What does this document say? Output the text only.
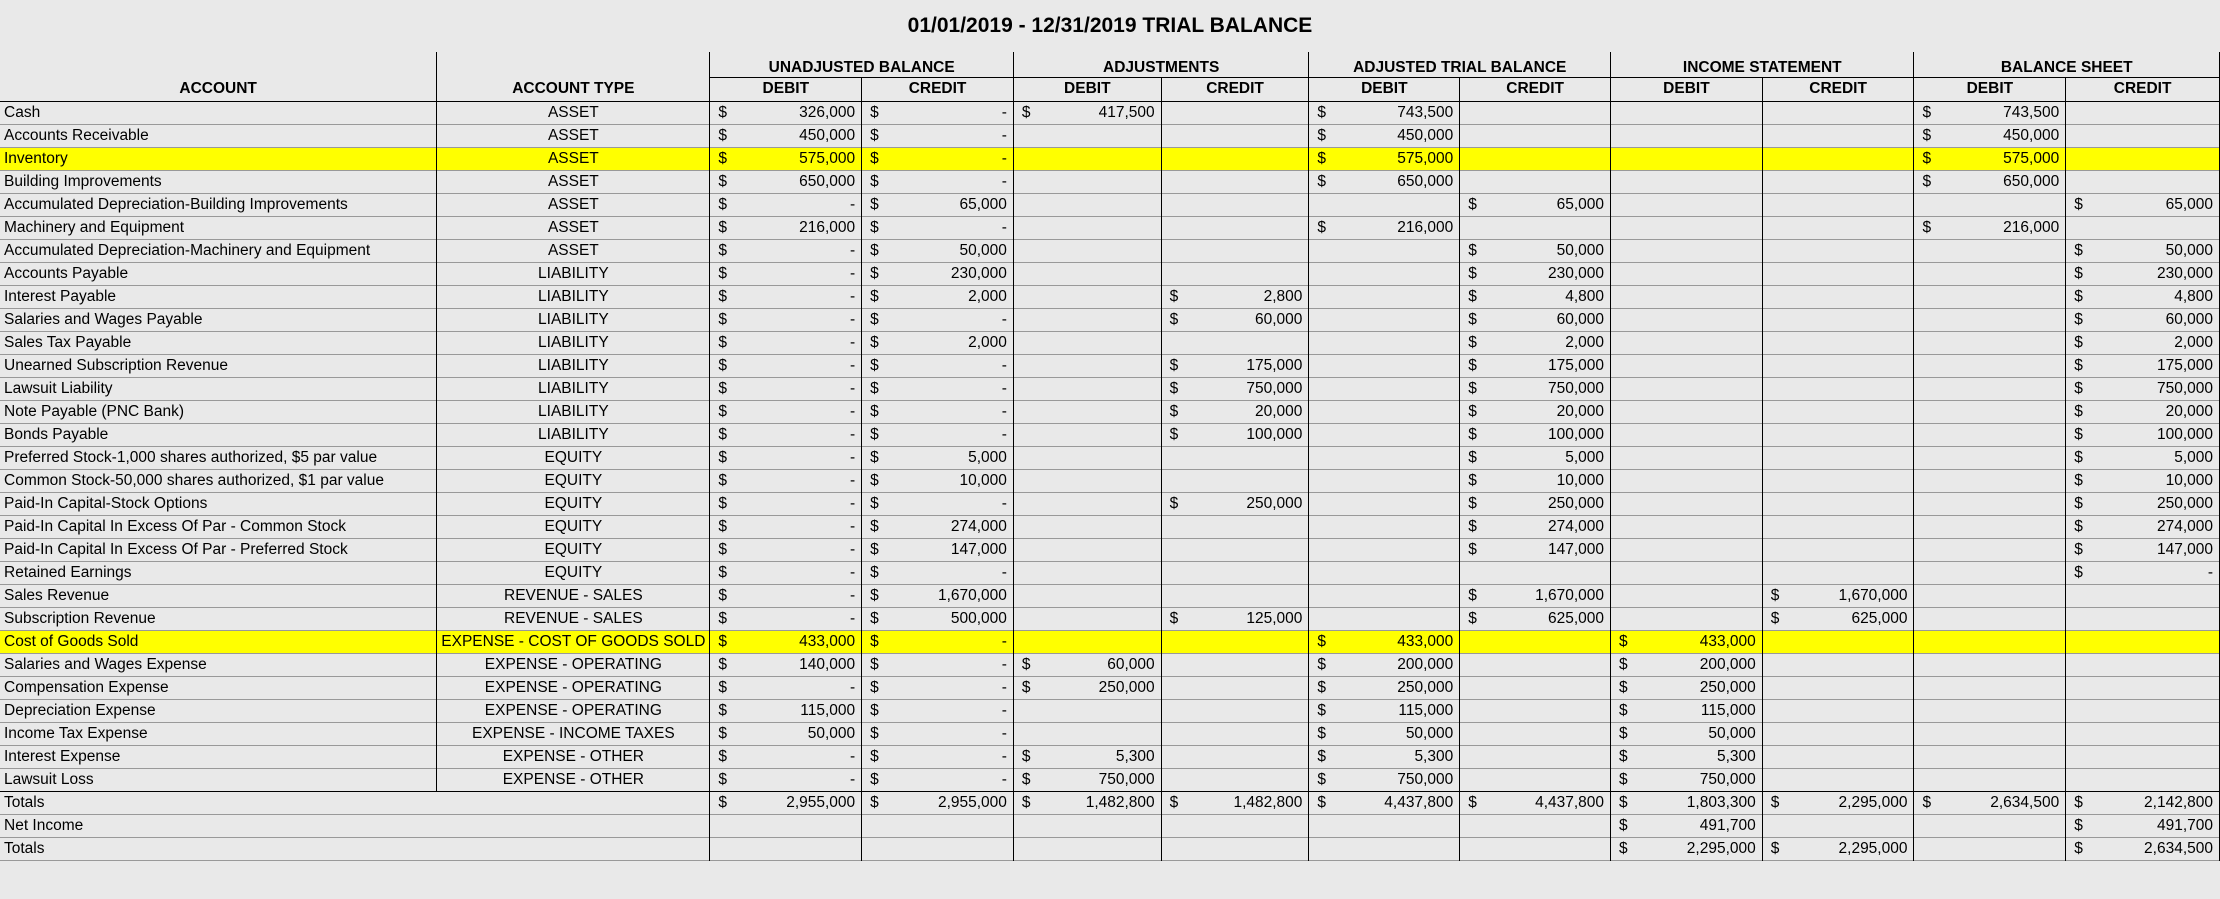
01/01/2019 - 12/31/2019 TRIAL BALANCE
		UNADJUSTED BALANCE		ADJUSTMENTS		ADJUSTED TRIAL BALANCE		INCOME STATEMENT		BALANCE SHEET	
ACCOUNT	ACCOUNT TYPE	DEBIT	CREDIT	DEBIT	CREDIT	DEBIT	CREDIT	DEBIT	CREDIT	DEBIT	CREDIT
Cash	ASSET	$ 326,000	$ -	$ 417,500		$ 743,500				$ 743,500	

Accounts Receivable	ASSET	$ 450,000	$ -			$ 450,000				$ 450,000	

Inventory	ASSET	$ 575,000	$ -			$ 575,000				$ 575,000	

Building Improvements	ASSET	$ 650,000	$ -			$ 650,000				$ 650,000	

Accumulated Depreciation-Building Improvements	ASSET	$ -	$ 65,000				$ 65,000				$ 65,000

Machinery and Equipment	ASSET	$ 216,000	$ -			$ 216,000				$ 216,000	

Accumulated Depreciation-Machinery and Equipment	ASSET	$ -	$ 50,000				$ 50,000				$ 50,000

Accounts Payable	LIABILITY	$ -	$ 230,000				$ 230,000				$ 230,000

Interest Payable	LIABILITY	$ -	$ 2,000		$ 2,800		$ 4,800				$ 4,800

Salaries and Wages Payable	LIABILITY	$ -	$ -		$ 60,000		$ 60,000				$ 60,000

Sales Tax Payable	LIABILITY	$ -	$ 2,000				$ 2,000				$ 2,000

Unearned Subscription Revenue	LIABILITY	$ -	$ -		$ 175,000		$ 175,000				$ 175,000

Lawsuit Liability	LIABILITY	$ -	$ -		$ 750,000		$ 750,000				$ 750,000

Note Payable (PNC Bank)	LIABILITY	$ -	$ -		$ 20,000		$ 20,000				$ 20,000

Bonds Payable	LIABILITY	$ -	$ -		$ 100,000		$ 100,000				$ 100,000

Preferred Stock-1,000 shares authorized, $5 par value	EQUITY	$ -	$ 5,000				$ 5,000				$ 5,000

Common Stock-50,000 shares authorized, $1 par value	EQUITY	$ -	$ 10,000				$ 10,000				$ 10,000

Paid-In Capital-Stock Options	EQUITY	$ -	$ -		$ 250,000		$ 250,000				$ 250,000

Paid-In Capital In Excess Of Par - Common Stock	EQUITY	$ -	$ 274,000				$ 274,000				$ 274,000

Paid-In Capital In Excess Of Par - Preferred Stock	EQUITY	$ -	$ 147,000				$ 147,000				$ 147,000

Retained Earnings	EQUITY	$ -	$ -								$ -

Sales Revenue	REVENUE - SALES	$ -	$ 1,670,000				$ 1,670,000		$ 1,670,000		

Subscription Revenue	REVENUE - SALES	$ -	$ 500,000		$ 125,000		$ 625,000		$ 625,000		

Cost of Goods Sold	EXPENSE - COST OF GOODS SOLD	$ 433,000	$ -			$ 433,000		$ 433,000			

Salaries and Wages Expense	EXPENSE - OPERATING	$ 140,000	$ -	$ 60,000		$ 200,000		$ 200,000			

Compensation Expense	EXPENSE - OPERATING	$ -	$ -	$ 250,000		$ 250,000		$ 250,000			

Depreciation Expense	EXPENSE - OPERATING	$ 115,000	$ -			$ 115,000		$ 115,000			

Income Tax Expense	EXPENSE - INCOME TAXES	$ 50,000	$ -			$ 50,000		$ 50,000			

Interest Expense	EXPENSE - OTHER	$ -	$ -	$ 5,300		$ 5,300		$ 5,300			

Lawsuit Loss	EXPENSE - OTHER	$ -	$ -	$ 750,000		$ 750,000		$ 750,000			

Totals		$ 2,955,000	$ 2,955,000	$ 1,482,800	$ 1,482,800	$ 4,437,800	$ 4,437,800	$ 1,803,300	$ 2,295,000	$ 2,634,500	$ 2,142,800

Net Income								$ 491,700			$ 491,700

Totals								$ 2,295,000	$ 2,295,000		$ 2,634,500
